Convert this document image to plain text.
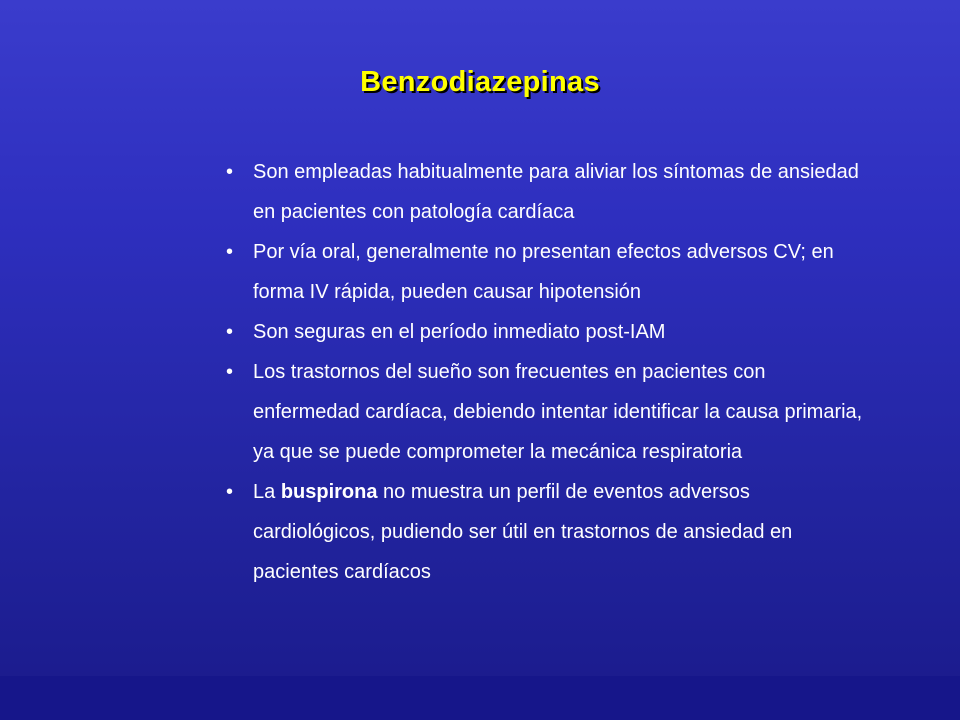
Benzodiazepinas
• Son empleadas habitualmente para aliviar los síntomas de ansiedad en pacientes con patología cardíaca
• Por vía oral, generalmente no presentan efectos adversos CV; en forma IV rápida, pueden causar hipotensión
• Son seguras en el período inmediato post-IAM
• Los trastornos del sueño son frecuentes en pacientes con enfermedad cardíaca, debiendo intentar identificar la causa primaria, ya que se puede comprometer la mecánica respiratoria
• La buspirona no muestra un perfil de eventos adversos cardiológicos, pudiendo ser útil en trastornos de ansiedad en pacientes cardíacos
